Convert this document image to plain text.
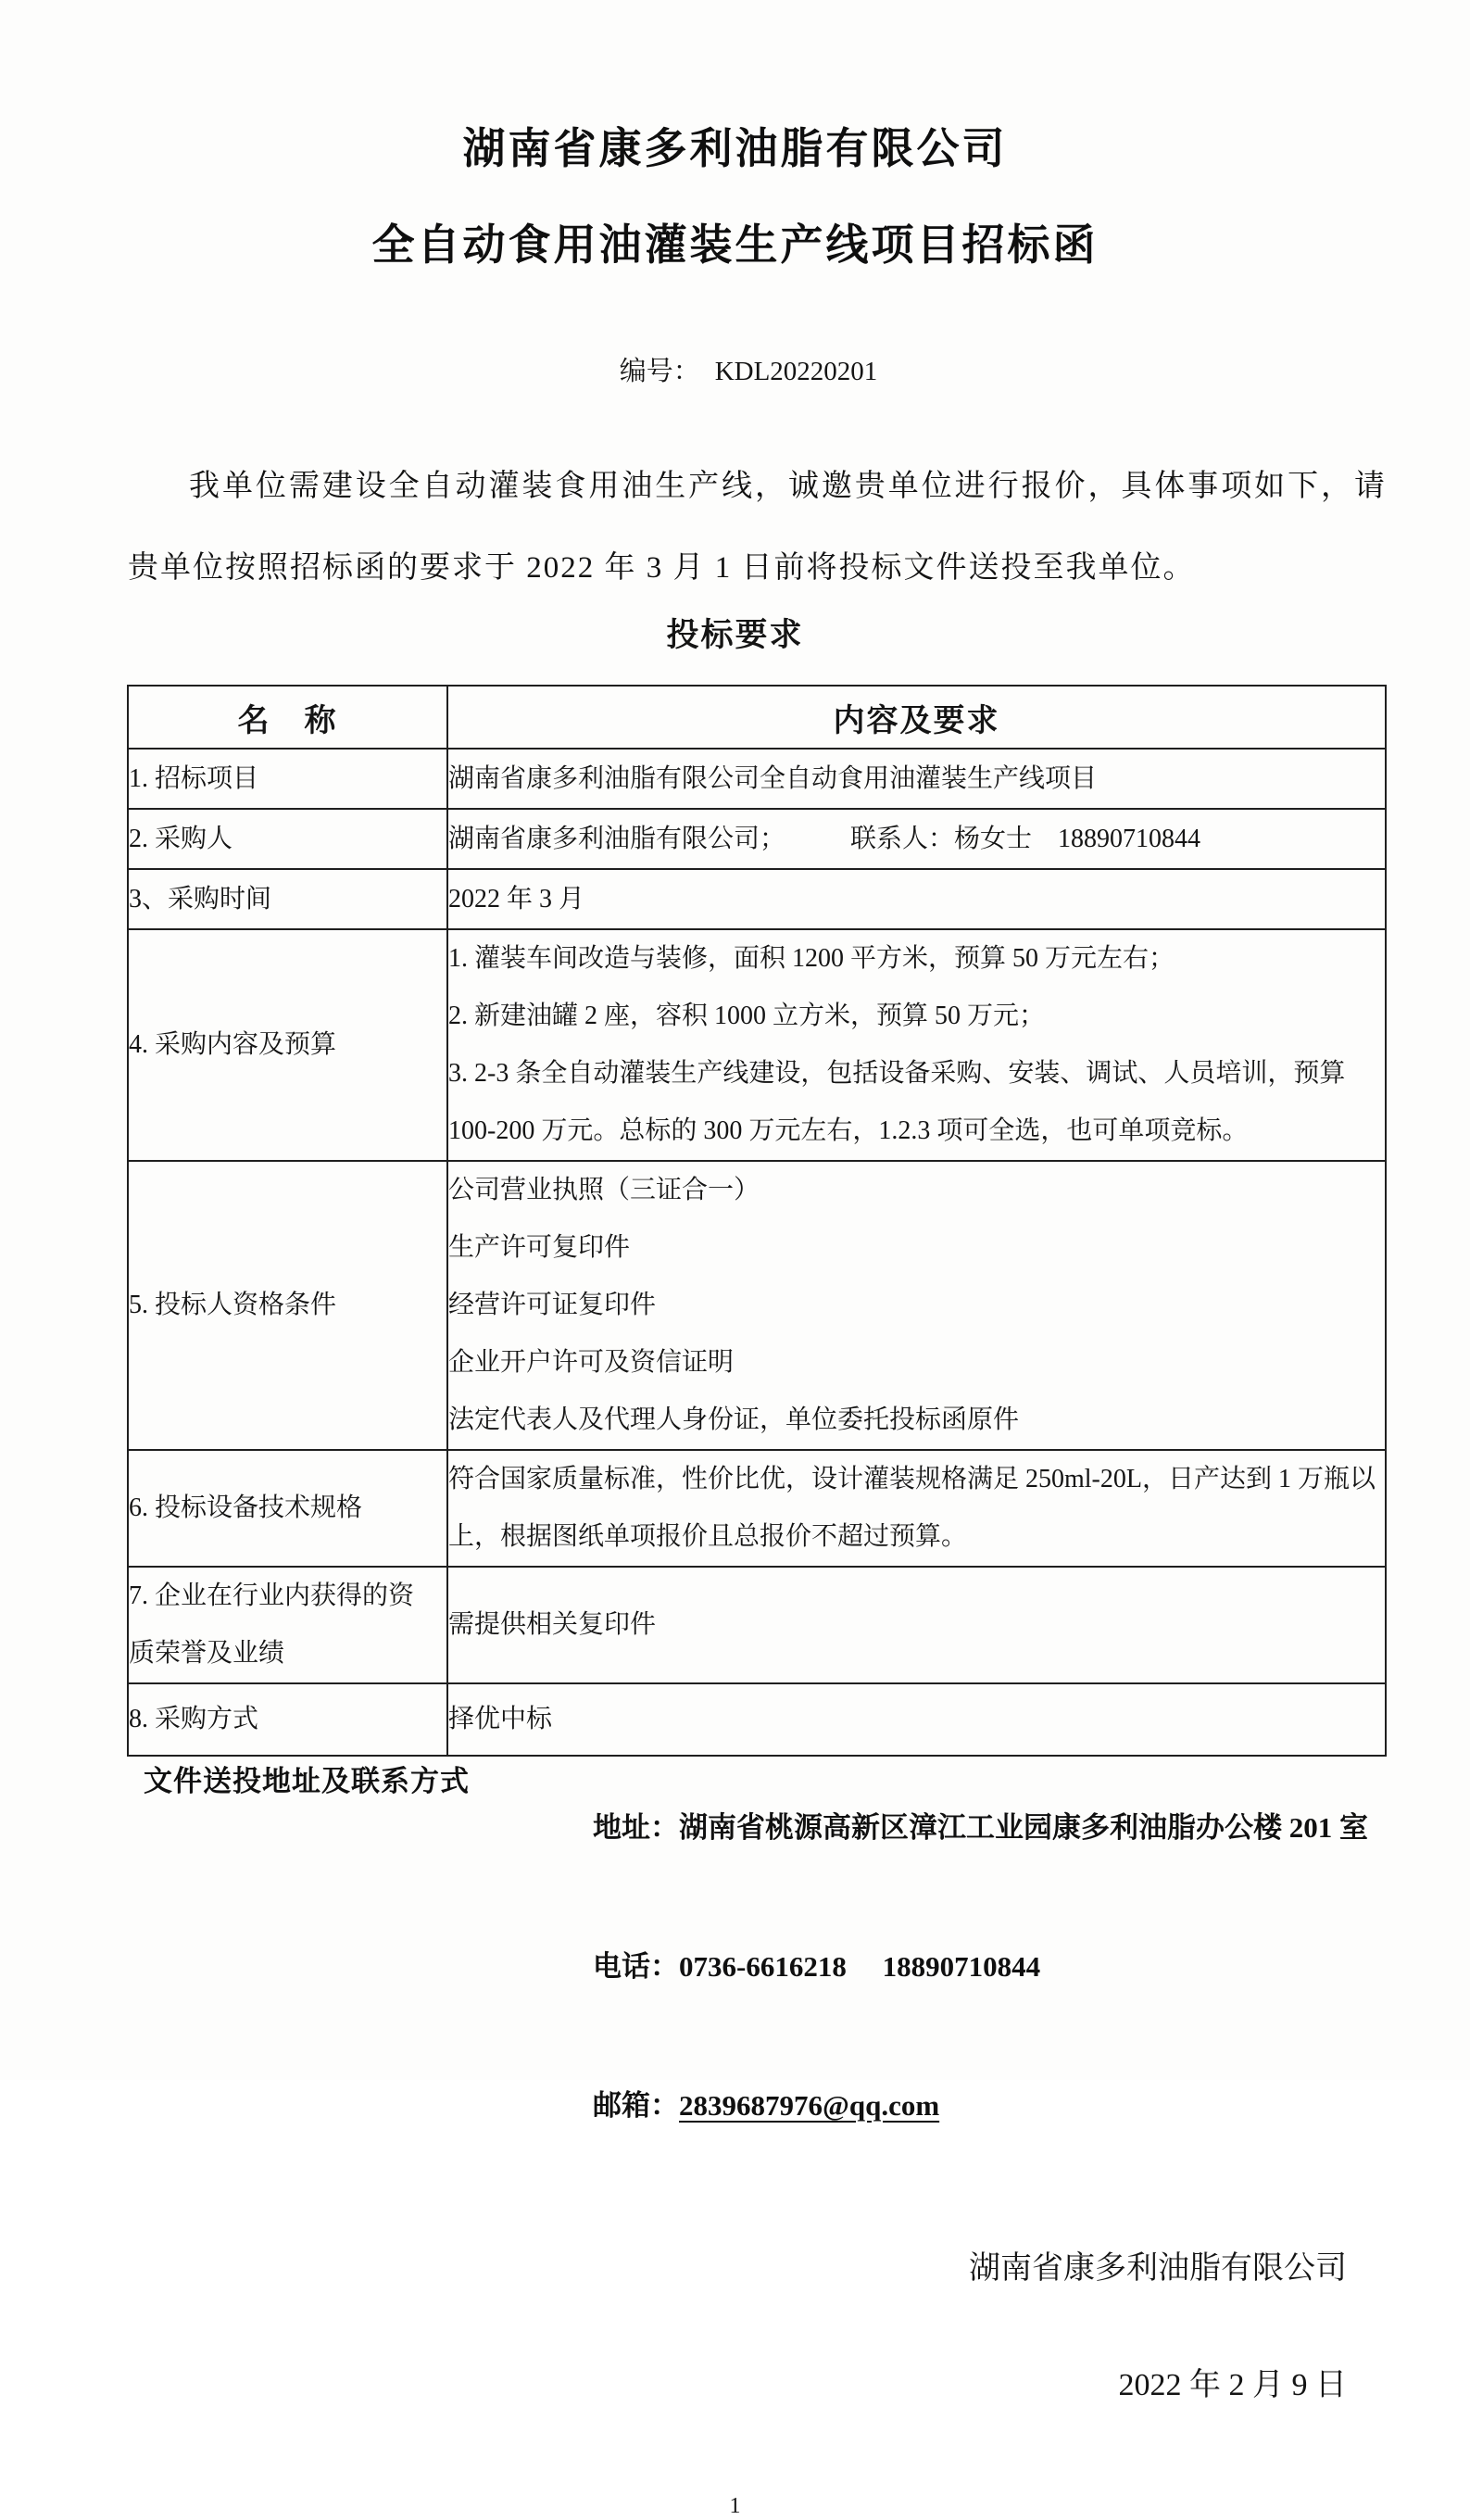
湖南省康多利油脂有限公司
全自动食用油灌装生产线项目招标函

编号： KDL20220201

我单位需建设全自动灌装食用油生产线，诚邀贵单位进行报价，具体事项如下，请贵单位按照招标函的要求于 2022 年 3 月 1 日前将投标文件送投至我单位。

投标要求
名　称	内容及要求

1. 招标项目	湖南省康多利油脂有限公司全自动食用油灌装生产线项目

2. 采购人	湖南省康多利油脂有限公司；          联系人：杨女士    18890710844

3、采购时间	2022 年 3 月

4. 采购内容及预算	1. 灌装车间改造与装修，面积 1200 平方米，预算 50 万元左右；
2. 新建油罐 2 座，容积 1000 立方米，预算 50 万元；
3. 2-3 条全自动灌装生产线建设，包括设备采购、安装、调试、人员培训，预算
100-200 万元。总标的 300 万元左右，1.2.3 项可全选，也可单项竞标。

5. 投标人资格条件	公司营业执照（三证合一）
生产许可复印件
经营许可证复印件
企业开户许可及资信证明
法定代表人及代理人身份证，单位委托投标函原件

6. 投标设备技术规格	符合国家质量标准，性价比优，设计灌装规格满足 250ml-20L，日产达到 1 万瓶以
上，根据图纸单项报价且总报价不超过预算。

7. 企业在行业内获得的资
质荣誉及业绩	需提供相关复印件

8. 采购方式	择优中标
文件送投地址及联系方式

地址：湖南省桃源高新区漳江工业园康多利油脂办公楼 201 室

电话：0736-6616218     18890710844

邮箱：2839687976@qq.com

湖南省康多利油脂有限公司

2022 年 2 月 9 日

1
